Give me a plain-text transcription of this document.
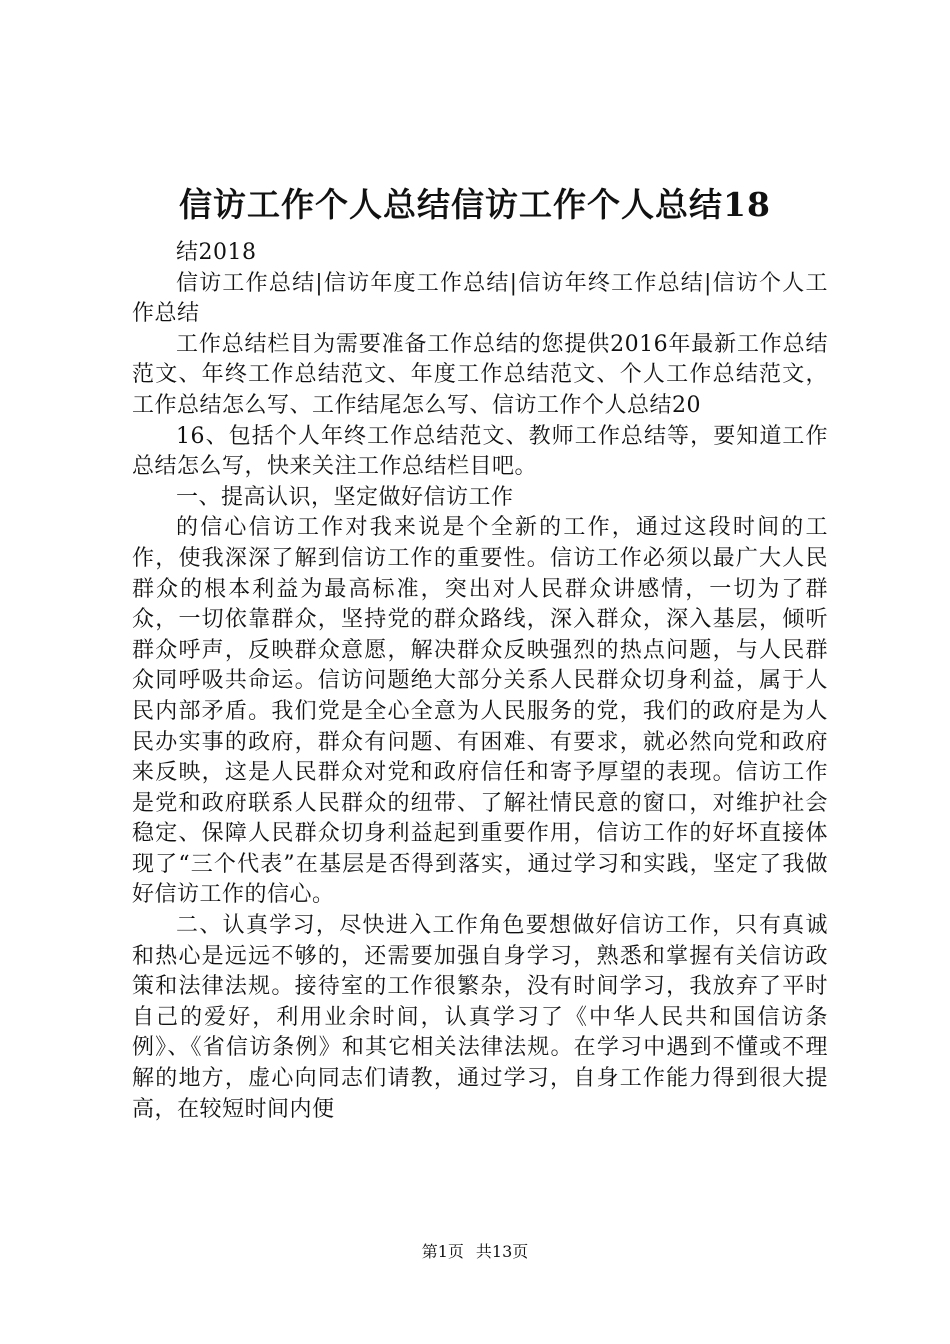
信访工作个人总结信访工作个人总结18

结2018

信访工作总结|信访年度工作总结|信访年终工作总结|信访个人工作总结

工作总结栏目为需要准备工作总结的您提供2016年最新工作总结范文、年终工作总结范文、年度工作总结范文、个人工作总结范文，工作总结怎么写、工作结尾怎么写、信访工作个人总结20

16、包括个人年终工作总结范文、教师工作总结等，要知道工作总结怎么写，快来关注工作总结栏目吧。

一、提高认识，坚定做好信访工作

的信心信访工作对我来说是个全新的工作，通过这段时间的工作，使我深深了解到信访工作的重要性。信访工作必须以最广大人民群众的根本利益为最高标准，突出对人民群众讲感情，一切为了群众，一切依靠群众，坚持党的群众路线，深入群众，深入基层，倾听群众呼声，反映群众意愿，解决群众反映强烈的热点问题，与人民群众同呼吸共命运。信访问题绝大部分关系人民群众切身利益，属于人民内部矛盾。我们党是全心全意为人民服务的党，我们的政府是为人民办实事的政府，群众有问题、有困难、有要求，就必然向党和政府来反映，这是人民群众对党和政府信任和寄予厚望的表现。信访工作是党和政府联系人民群众的纽带、了解社情民意的窗口，对维护社会稳定、保障人民群众切身利益起到重要作用，信访工作的好坏直接体现了“三个代表”在基层是否得到落实，通过学习和实践，坚定了我做好信访工作的信心。

二、认真学习，尽快进入工作角色要想做好信访工作，只有真诚和热心是远远不够的，还需要加强自身学习，熟悉和掌握有关信访政策和法律法规。接待室的工作很繁杂，没有时间学习，我放弃了平时自己的爱好，利用业余时间，认真学习了《中华人民共和国信访条例》、《省信访条例》和其它相关法律法规。在学习中遇到不懂或不理解的地方，虚心向同志们请教，通过学习，自身工作能力得到很大提高，在较短时间内便

第1页 共13页
